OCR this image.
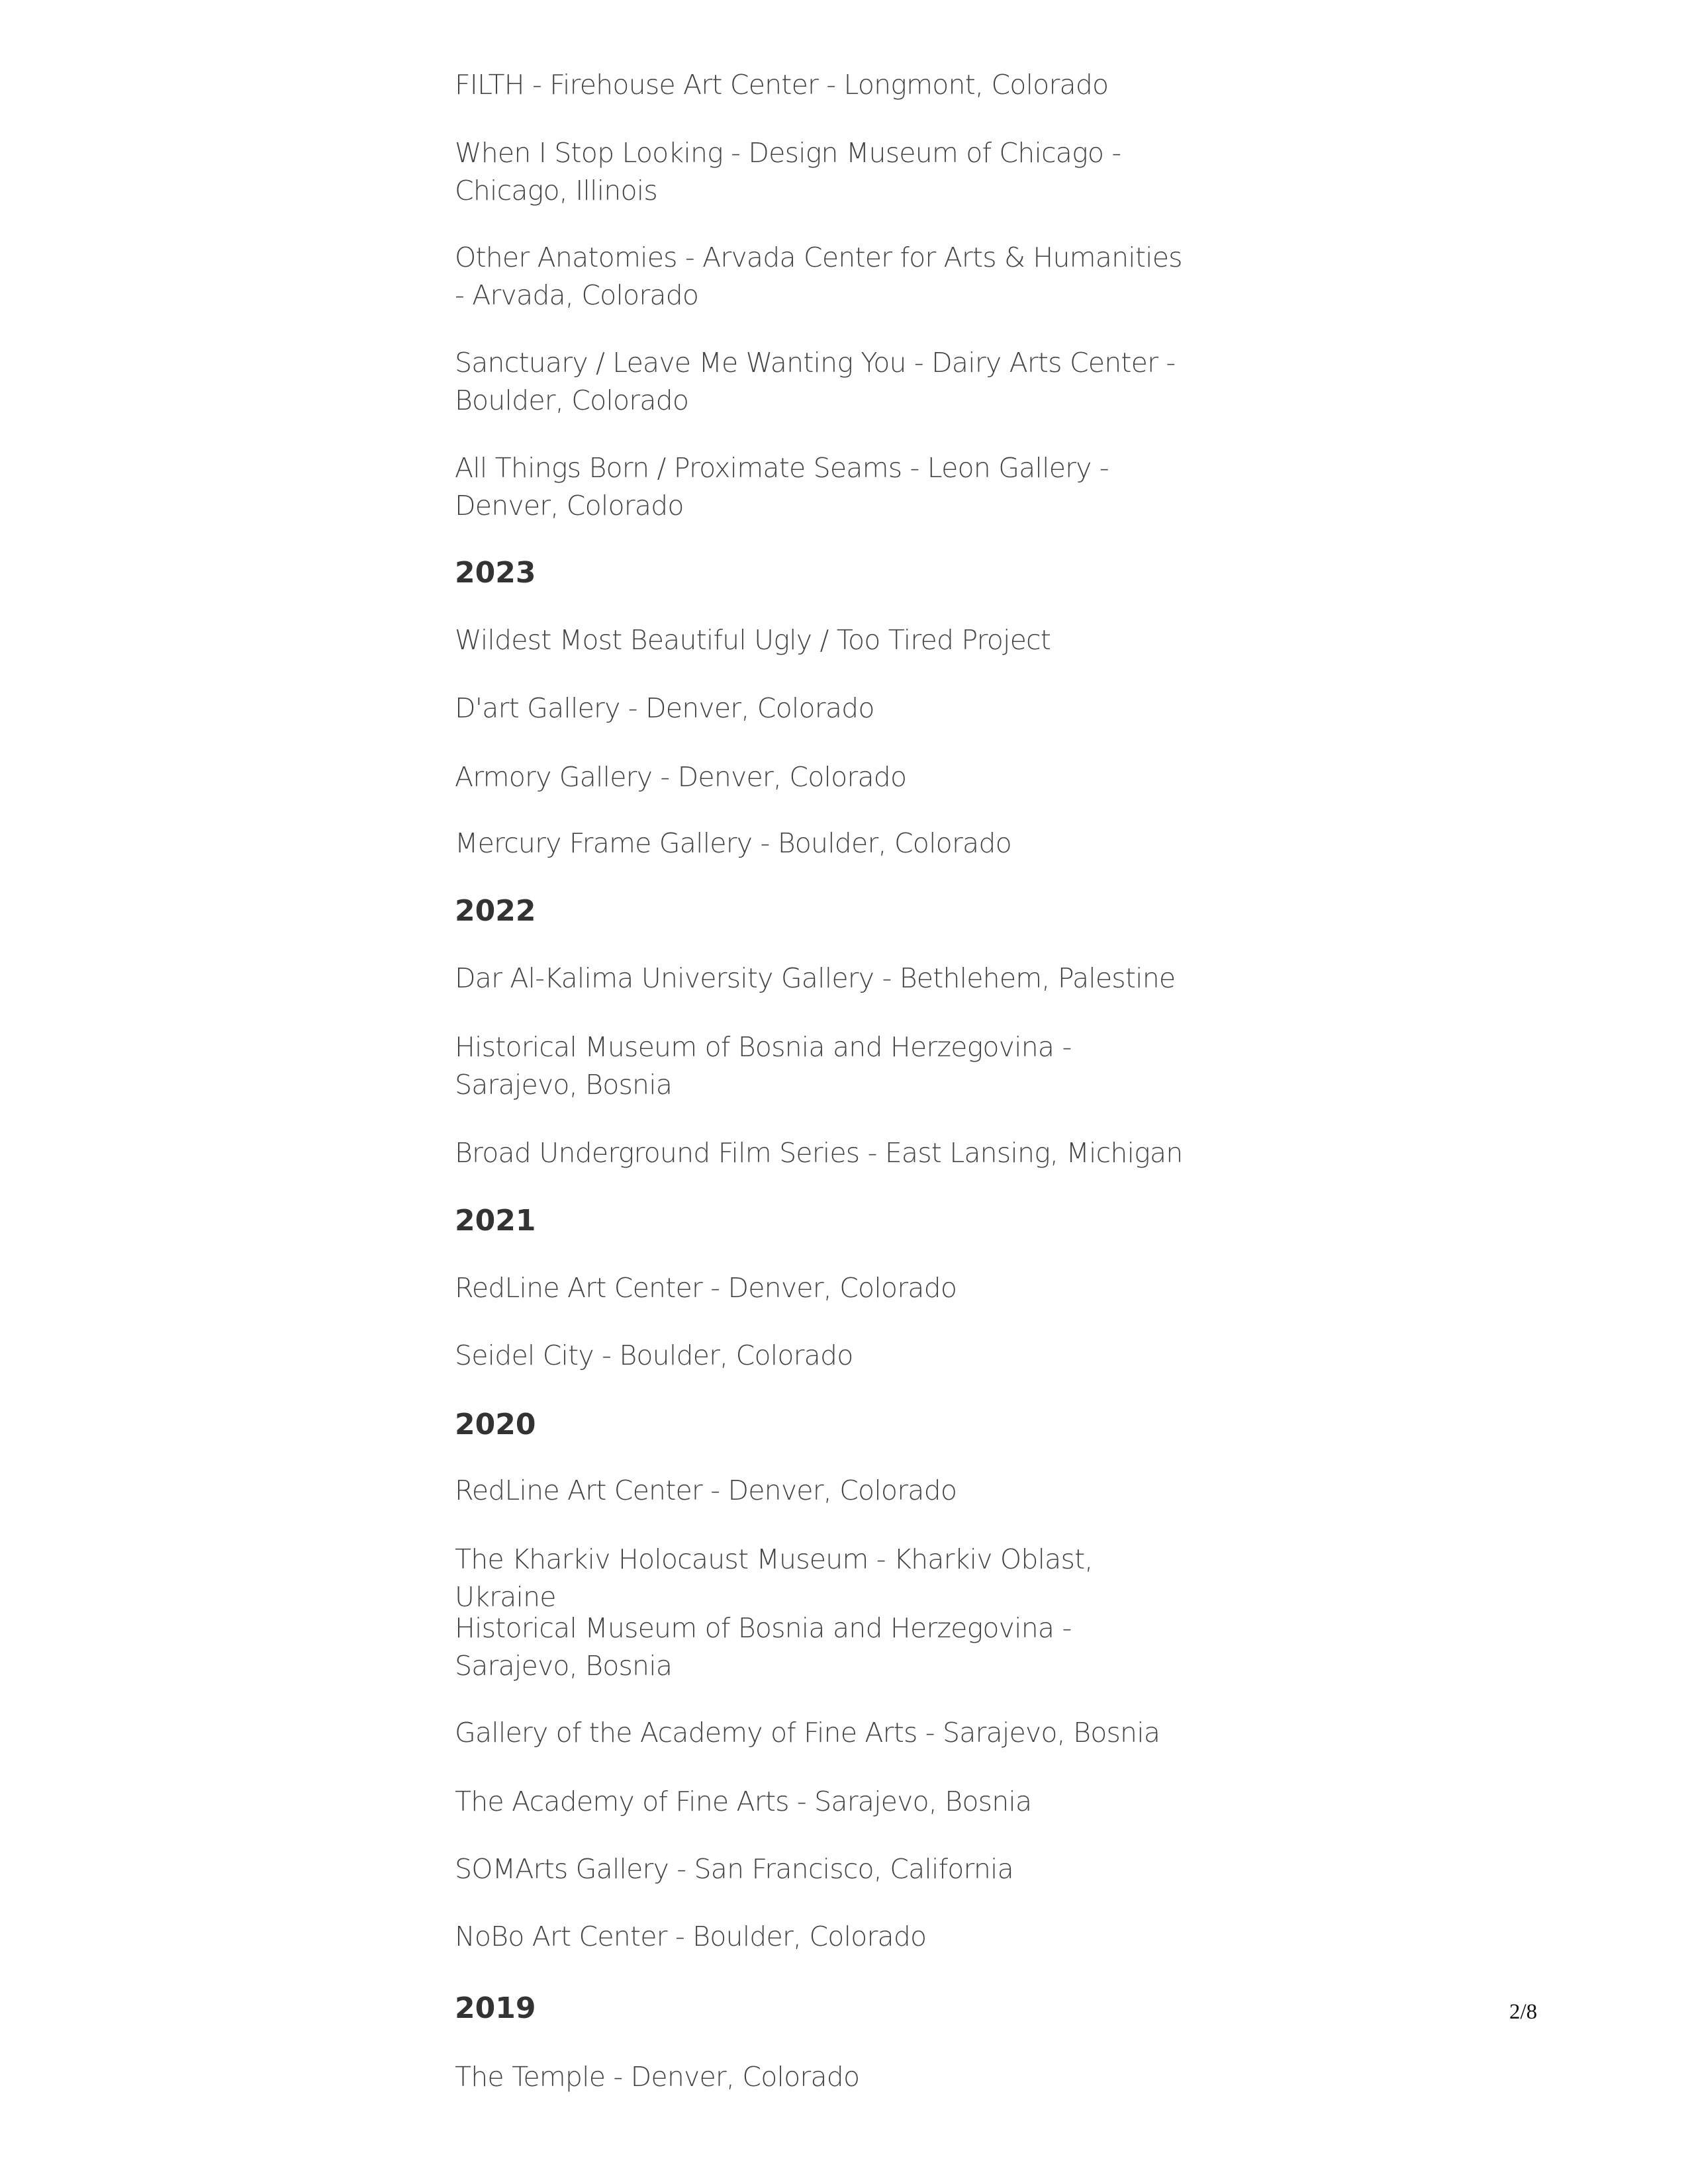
FILTH - Firehouse Art Center - Longmont, Colorado

When I Stop Looking - Design Museum of Chicago - Chicago, Illinois

Other Anatomies - Arvada Center for Arts & Humanities - Arvada, Colorado

Sanctuary / Leave Me Wanting You - Dairy Arts Center - Boulder, Colorado

All Things Born / Proximate Seams - Leon Gallery - Denver, Colorado

2023

Wildest Most Beautiful Ugly / Too Tired Project

D'art Gallery - Denver, Colorado

Armory Gallery - Denver, Colorado

Mercury Frame Gallery - Boulder, Colorado

2022

Dar Al-Kalima University Gallery - Bethlehem, Palestine

Historical Museum of Bosnia and Herzegovina - Sarajevo, Bosnia

Broad Underground Film Series - East Lansing, Michigan

2021

RedLine Art Center - Denver, Colorado

Seidel City - Boulder, Colorado

2020

RedLine Art Center - Denver, Colorado

The Kharkiv Holocaust Museum - Kharkiv Oblast, Ukraine

Historical Museum of Bosnia and Herzegovina - Sarajevo, Bosnia

Gallery of the Academy of Fine Arts - Sarajevo, Bosnia

The Academy of Fine Arts - Sarajevo, Bosnia

SOMArts Gallery - San Francisco, California

NoBo Art Center - Boulder, Colorado

2019

The Temple - Denver, Colorado

2/8
